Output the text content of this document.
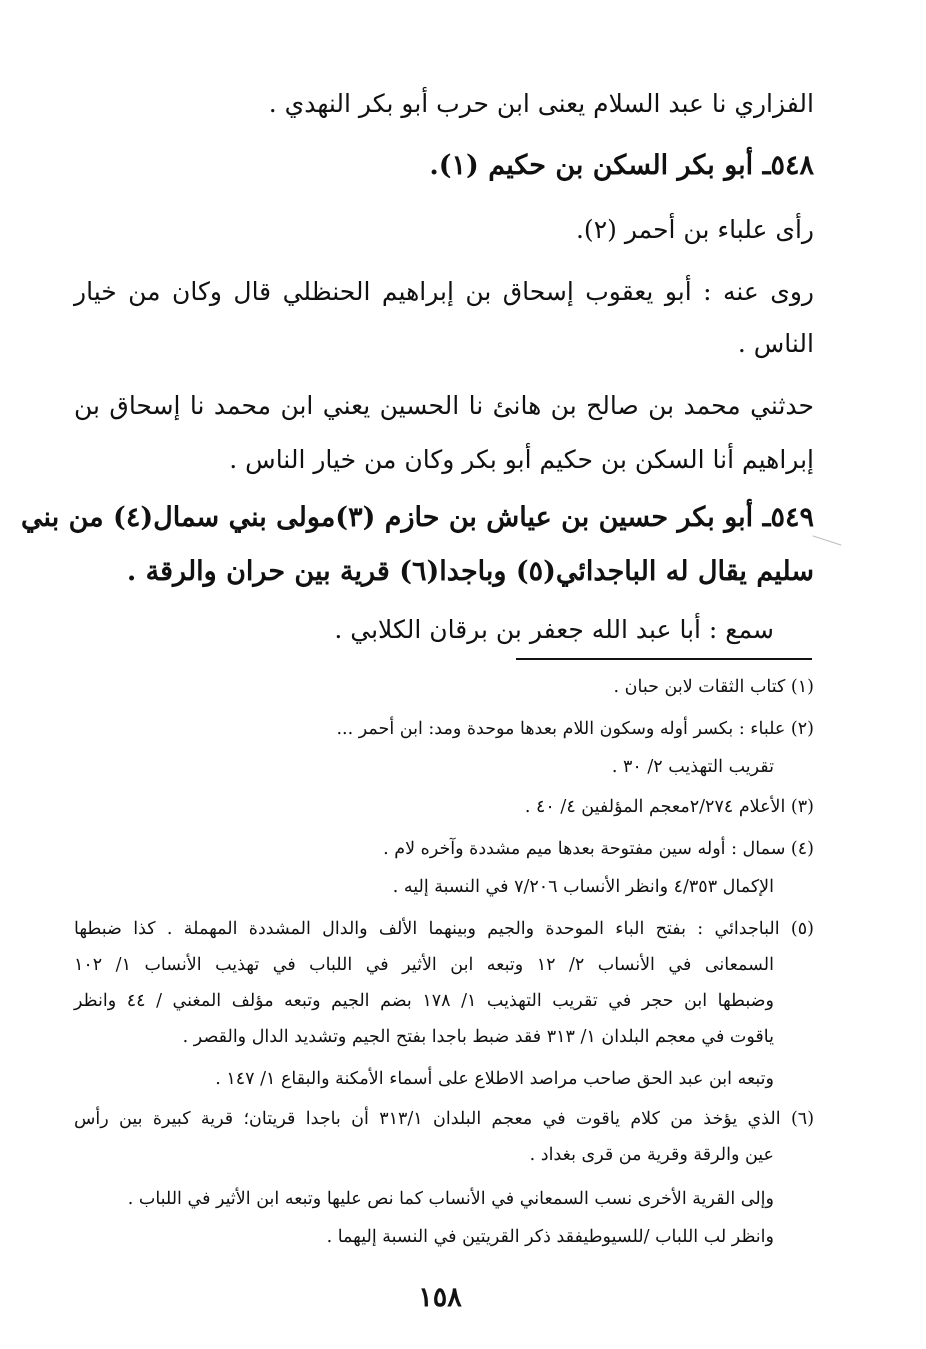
الفزاري نا عبد السلام يعنى ابن حرب أبو بكر النهدي .
٥٤٨ـ أبو بكر السكن بن حكيم (١).
رأى علباء بن أحمر (٢).
روى عنه : أبو يعقوب إسحاق بن إبراهيم الحنظلي قال وكان من خيار
الناس .
حدثني محمد بن صالح بن هانئ نا الحسين يعني ابن محمد نا إسحاق بن
إبراهيم أنا السكن بن حكيم أبو بكر وكان من خيار الناس .
٥٤٩ـ أبو بكر حسين بن عياش بن حازم (٣)مولى بني سمال(٤) من بني
سليم يقال له الباجدائي(٥) وباجدا(٦) قرية بين حران والرقة .
سمع : أبا عبد الله جعفر بن برقان الكلابي .
(١) كتاب الثقات لابن حبان .
(٢) علباء : بكسر أوله وسكون اللام بعدها موحدة ومد: ابن أحمر ...
تقريب التهذيب ٢/ ٣٠ .
(٣) الأعلام ٢/٢٧٤معجم المؤلفين ٤/ ٤٠ .
(٤) سمال : أوله سين مفتوحة بعدها ميم مشددة وآخره لام .
الإكمال ٤/٣٥٣ وانظر الأنساب ٧/٢٠٦ في النسبة إليه .
(٥) الباجدائي : بفتح الباء الموحدة والجيم وبينهما الألف والدال المشددة المهملة . كذا ضبطها
السمعانى في الأنساب ٢/ ١٢ وتبعه ابن الأثير في اللباب في تهذيب الأنساب ١/ ١٠٢
وضبطها ابن حجر في تقريب التهذيب ١/ ١٧٨ بضم الجيم وتبعه مؤلف المغني / ٤٤ وانظر
ياقوت في معجم البلدان ١/ ٣١٣ فقد ضبط باجدا بفتح الجيم وتشديد الدال والقصر .
وتبعه ابن عبد الحق صاحب مراصد الاطلاع على أسماء الأمكنة والبقاع ١/ ١٤٧ .
(٦) الذي يؤخذ من كلام ياقوت في معجم البلدان ٣١٣/١ أن باجدا قريتان؛ قرية كبيرة بين رأس
عين والرقة وقرية من قرى بغداد .
وإلى القرية الأخرى نسب السمعاني في الأنساب كما نص عليها وتبعه ابن الأثير في اللباب .
وانظر لب اللباب /للسيوطيفقد ذكر القريتين في النسبة إليهما .
١٥٨
